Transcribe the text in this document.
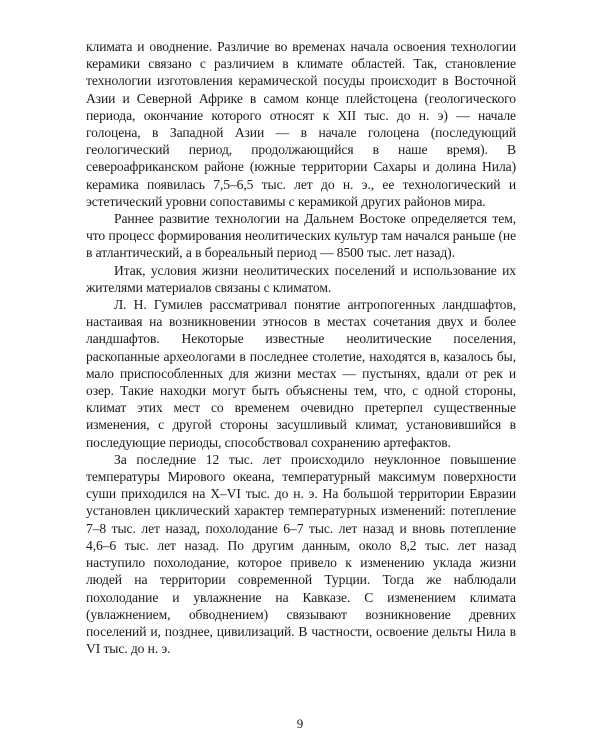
климата и оводнение. Различие во временах начала освоения технологии керамики связано с различием в климате областей. Так, становление технологии изготовления керамической посуды происходит в Восточной Азии и Северной Африке в самом конце плейстоцена (геологического периода, окончание которого относят к XII тыс. до н. э) — начале голоцена, в Западной Азии — в начале голоцена (последующий геологический период, продолжающийся в наше время). В североафриканском районе (южные территории Сахары и долина Нила) керамика появилась 7,5–6,5 тыс. лет до н. э., ее технологический и эстетический уровни сопоставимы с керамикой других районов мира.

Раннее развитие технологии на Дальнем Востоке определяется тем, что процесс формирования неолитических культур там начался раньше (не в атлантический, а в бореальный период — 8500 тыс. лет назад).

Итак, условия жизни неолитических поселений и использование их жителями материалов связаны с климатом.

Л. Н. Гумилев рассматривал понятие антропогенных ландшафтов, настаивая на возникновении этносов в местах сочетания двух и более ландшафтов. Некоторые известные неолитические поселения, раскопанные археологами в последнее столетие, находятся в, казалось бы, мало приспособленных для жизни местах — пустынях, вдали от рек и озер. Такие находки могут быть объяснены тем, что, с одной стороны, климат этих мест со временем очевидно претерпел существенные изменения, с другой стороны засушливый климат, установившийся в последующие периоды, способствовал сохранению артефактов.

За последние 12 тыс. лет происходило неуклонное повышение температуры Мирового океана, температурный максимум поверхности суши приходился на X–VI тыс. до н. э. На большой территории Евразии установлен циклический характер температурных изменений: потепление 7–8 тыс. лет назад, похолодание 6–7 тыс. лет назад и вновь потепление 4,6–6 тыс. лет назад. По другим данным, около 8,2 тыс. лет назад наступило похолодание, которое привело к изменению уклада жизни людей на территории современной Турции. Тогда же наблюдали похолодание и увлажнение на Кавказе. С изменением климата (увлажнением, обводнением) связывают возникновение древних поселений и, позднее, цивилизаций. В частности, освоение дельты Нила в VI тыс. до н. э.

9
